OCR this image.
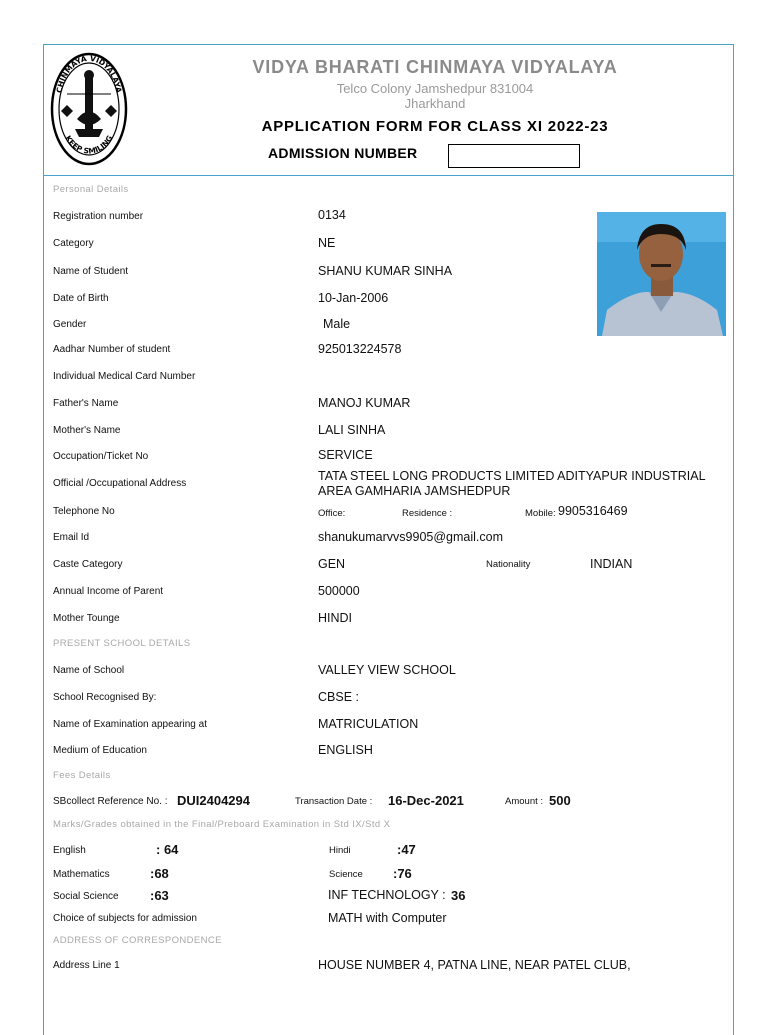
CHINMAYA VIDYALAYA
KEEP SMILING
VIDYA BHARATI CHINMAYA VIDYALAYA
Telco Colony Jamshedpur 831004
Jharkhand
APPLICATION FORM FOR CLASS XI 2022-23
ADMISSION NUMBER
Personal Details
Registration number	0134
Category	NE
Name of Student	SHANU KUMAR SINHA
Date of Birth	10-Jan-2006
Gender	Male
Aadhar Number of student	925013224578
Individual Medical Card Number
Father's Name	MANOJ KUMAR
Mother's Name	LALI SINHA
Occupation/Ticket No	SERVICE
Official /Occupational Address
TATA STEEL LONG PRODUCTS LIMITED ADITYAPUR INDUSTRIAL
AREA GAMHARIA JAMSHEDPUR
Telephone No	Office:	Residence :	Mobile: 9905316469
Email Id	shanukumarvvs9905@gmail.com
Caste Category	GEN	Nationality	INDIAN
Annual Income of Parent	500000
Mother Tounge	HINDI
PRESENT SCHOOL DETAILS
Name of School	VALLEY VIEW SCHOOL
School Recognised By:	CBSE :
Name of Examination appearing at	MATRICULATION
Medium of Education	ENGLISH
Fees Details
SBcollect Reference No. : DUI2404294	Transaction Date : 16-Dec-2021	Amount : 500
Marks/Grades obtained in the Final/Preboard Examination in Std IX/Std X
English	: 64	Hindi	:47
Mathematics	:68	Science :76
Social Science :63	INF TECHNOLOGY : 36
Choice of subjects for admission	MATH with Computer
ADDRESS OF CORRESPONDENCE
Address Line 1	HOUSE NUMBER 4, PATNA LINE, NEAR PATEL CLUB,
